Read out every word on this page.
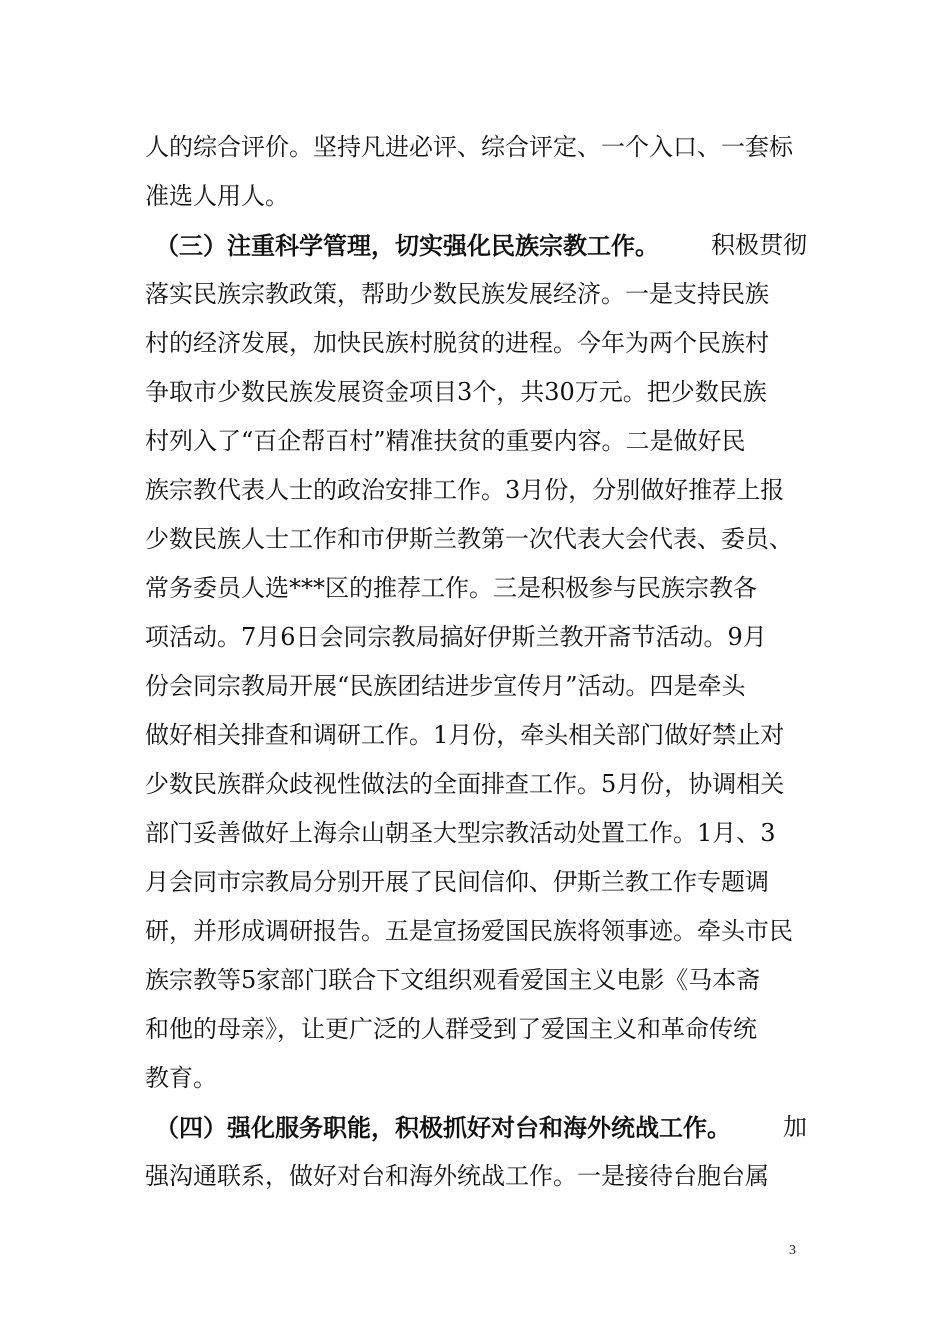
人的综合评价。坚持凡进必评、综合评定、一个入口、一套标
准选人用人。
（三）注重科学管理，切实强化民族宗教工作。 积极贯彻
落实民族宗教政策，帮助少数民族发展经济。一是支持民族
村的经济发展，加快民族村脱贫的进程。今年为两个民族村
争取市少数民族发展资金项目3个，共30万元。把少数民族
村列入了“百企帮百村”精准扶贫的重要内容。二是做好民
族宗教代表人士的政治安排工作。3月份，分别做好推荐上报
少数民族人士工作和市伊斯兰教第一次代表大会代表、委员、
常务委员人选***区的推荐工作。三是积极参与民族宗教各
项活动。7月6日会同宗教局搞好伊斯兰教开斋节活动。9月
份会同宗教局开展“民族团结进步宣传月”活动。四是牵头
做好相关排查和调研工作。1月份，牵头相关部门做好禁止对
少数民族群众歧视性做法的全面排查工作。5月份，协调相关
部门妥善做好上海佘山朝圣大型宗教活动处置工作。1月、3
月会同市宗教局分别开展了民间信仰、伊斯兰教工作专题调
研，并形成调研报告。五是宣扬爱国民族将领事迹。牵头市民
族宗教等5家部门联合下文组织观看爱国主义电影《马本斋
和他的母亲》，让更广泛的人群受到了爱国主义和革命传统
教育。
（四）强化服务职能，积极抓好对台和海外统战工作。 加
强沟通联系，做好对台和海外统战工作。一是接待台胞台属
3
